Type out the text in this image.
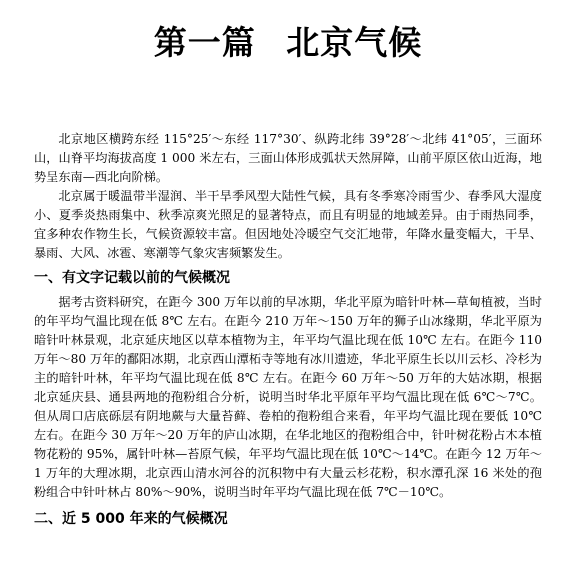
第一篇 北京气候

北京地区横跨东经 115°25′～东经 117°30′、纵跨北纬 39°28′～北纬 41°05′，三面环山，山脊平均海拔高度 1 000 米左右，三面山体形成弧状天然屏障，山前平原区依山近海，地势呈东南—西北向阶梯。

北京属于暖温带半湿润、半干旱季风型大陆性气候，具有冬季寒冷雨雪少、春季风大湿度小、夏季炎热雨集中、秋季凉爽光照足的显著特点，而且有明显的地域差异。由于雨热同季，宜多种农作物生长，气候资源较丰富。但因地处冷暖空气交汇地带，年降水量变幅大，干旱、暴雨、大风、冰雹、寒潮等气象灾害频繁发生。

一、有文字记载以前的气候概况

据考古资料研究，在距今 300 万年以前的早冰期，华北平原为暗针叶林—草甸植被，当时的年平均气温比现在低 8℃ 左右。在距今 210 万年～150 万年的狮子山冰缘期，华北平原为暗针叶林景观，北京延庆地区以草本植物为主，年平均气温比现在低 10℃ 左右。在距今 110 万年～80 万年的鄱阳冰期，北京西山潭柘寺等地有冰川遗迹，华北平原生长以川云杉、冷杉为主的暗针叶林，年平均气温比现在低 8℃ 左右。在距今 60 万年～50 万年的大姑冰期，根据北京延庆县、通县两地的孢粉组合分析，说明当时华北平原年平均气温比现在低 6℃～7℃。但从周口店底砾层有阴地蕨与大量苔藓、卷柏的孢粉组合来看，年平均气温比现在要低 10℃ 左右。在距今 30 万年～20 万年的庐山冰期，在华北地区的孢粉组合中，针叶树花粉占木本植物花粉的 95%，属针叶林—苔原气候，年平均气温比现在低 10℃～14℃。在距今 12 万年～1 万年的大理冰期，北京西山清水河谷的沉积物中有大量云杉花粉，积水潭孔深 16 米处的孢粉组合中针叶林占 80%～90%，说明当时年平均气温比现在低 7℃－10℃。

二、近 5 000 年来的气候概况
